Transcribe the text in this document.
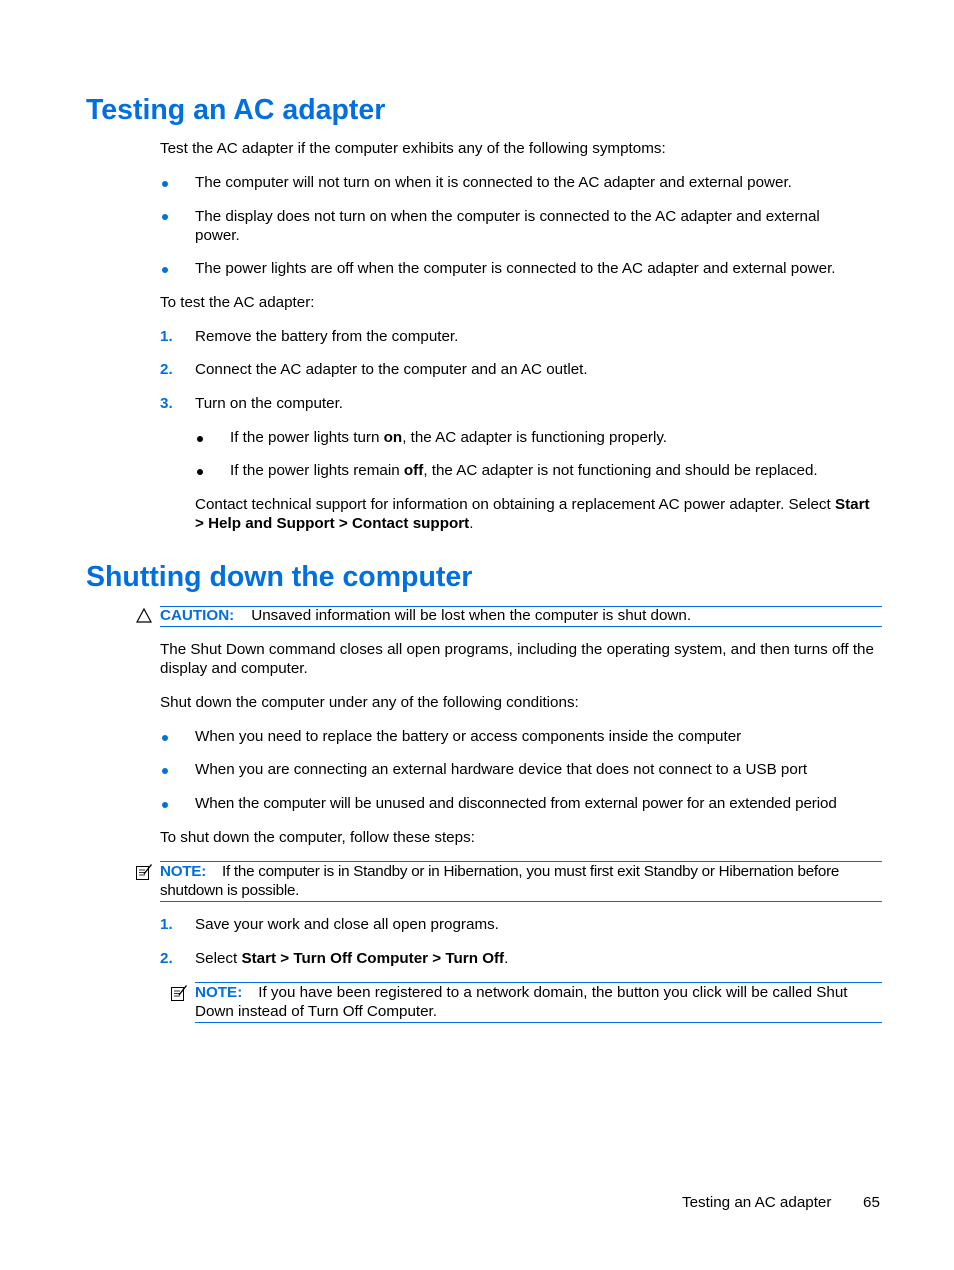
Testing an AC adapter

Test the AC adapter if the computer exhibits any of the following symptoms:

The computer will not turn on when it is connected to the AC adapter and external power.

The display does not turn on when the computer is connected to the AC adapter and external power.

The power lights are off when the computer is connected to the AC adapter and external power.

To test the AC adapter:

1. Remove the battery from the computer.

2. Connect the AC adapter to the computer and an AC outlet.

3. Turn on the computer.

If the power lights turn on, the AC adapter is functioning properly.

If the power lights remain off, the AC adapter is not functioning and should be replaced.

Contact technical support for information on obtaining a replacement AC power adapter. Select Start > Help and Support > Contact support.

Shutting down the computer

CAUTION: Unsaved information will be lost when the computer is shut down.

The Shut Down command closes all open programs, including the operating system, and then turns off the display and computer.

Shut down the computer under any of the following conditions:

When you need to replace the battery or access components inside the computer

When you are connecting an external hardware device that does not connect to a USB port

When the computer will be unused and disconnected from external power for an extended period

To shut down the computer, follow these steps:

NOTE: If the computer is in Standby or in Hibernation, you must first exit Standby or Hibernation before shutdown is possible.

1. Save your work and close all open programs.

2. Select Start > Turn Off Computer > Turn Off.

NOTE: If you have been registered to a network domain, the button you click will be called Shut Down instead of Turn Off Computer.

Testing an AC adapter 65
